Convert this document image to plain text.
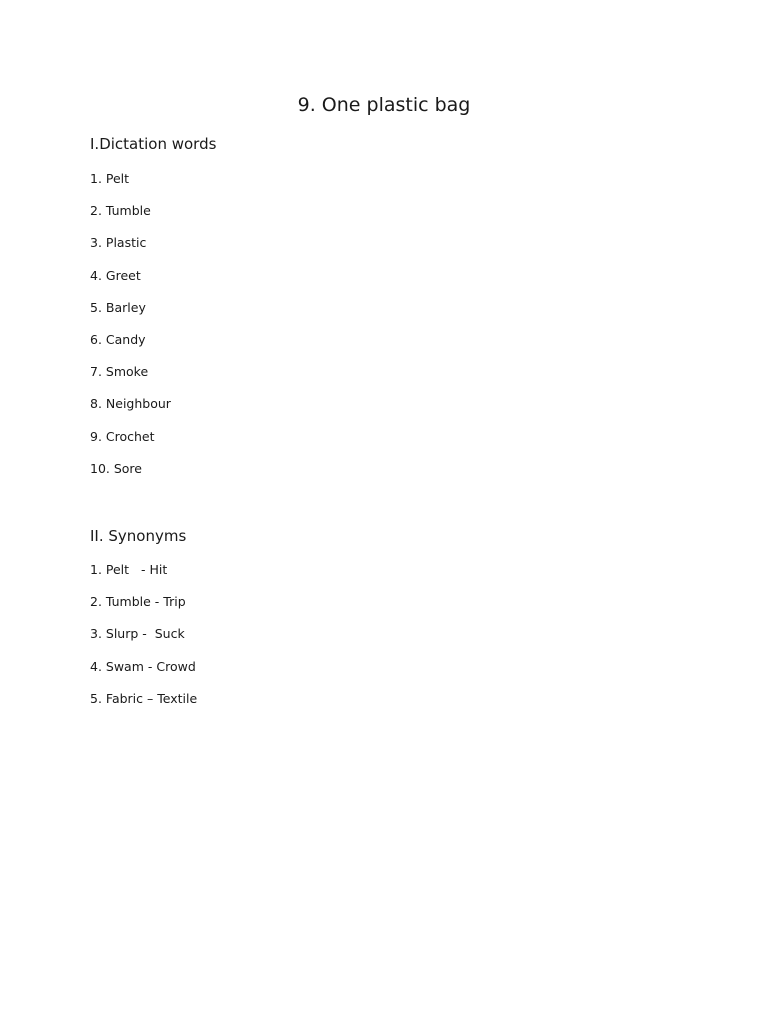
9. One plastic bag
I.Dictation words
1. Pelt
2. Tumble
3. Plastic
4. Greet
5. Barley
6. Candy
7. Smoke
8. Neighbour
9. Crochet
10. Sore
II. Synonyms
1. Pelt   - Hit
2. Tumble - Trip
3. Slurp -  Suck
4. Swam - Crowd
5. Fabric – Textile
